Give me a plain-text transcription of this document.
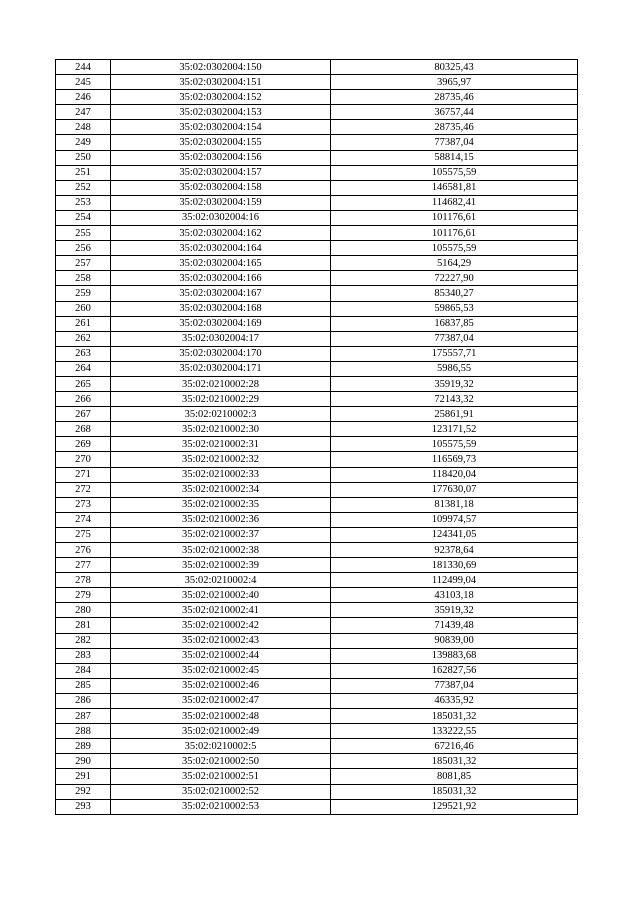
244	35:02:0302004:150	80325,43
245	35:02:0302004:151	3965,97
246	35:02:0302004:152	28735,46
247	35:02:0302004:153	36757,44
248	35:02:0302004:154	28735,46
249	35:02:0302004:155	77387,04
250	35:02:0302004:156	58814,15
251	35:02:0302004:157	105575,59
252	35:02:0302004:158	146581,81
253	35:02:0302004:159	114682,41
254	35:02:0302004:16	101176,61
255	35:02:0302004:162	101176,61
256	35:02:0302004:164	105575,59
257	35:02:0302004:165	5164,29
258	35:02:0302004:166	72227,90
259	35:02:0302004:167	85340,27
260	35:02:0302004:168	59865,53
261	35:02:0302004:169	16837,85
262	35:02:0302004:17	77387,04
263	35:02:0302004:170	175557,71
264	35:02:0302004:171	5986,55
265	35:02:0210002:28	35919,32
266	35:02:0210002:29	72143,32
267	35:02:0210002:3	25861,91
268	35:02:0210002:30	123171,52
269	35:02:0210002:31	105575,59
270	35:02:0210002:32	116569,73
271	35:02:0210002:33	118420,04
272	35:02:0210002:34	177630,07
273	35:02:0210002:35	81381,18
274	35:02:0210002:36	109974,57
275	35:02:0210002:37	124341,05
276	35:02:0210002:38	92378,64
277	35:02:0210002:39	181330,69
278	35:02:0210002:4	112499,04
279	35:02:0210002:40	43103,18
280	35:02:0210002:41	35919,32
281	35:02:0210002:42	71439,48
282	35:02:0210002:43	90839,00
283	35:02:0210002:44	139883,68
284	35:02:0210002:45	162827,56
285	35:02:0210002:46	77387,04
286	35:02:0210002:47	46335,92
287	35:02:0210002:48	185031,32
288	35:02:0210002:49	133222,55
289	35:02:0210002:5	67216,46
290	35:02:0210002:50	185031,32
291	35:02:0210002:51	8081,85
292	35:02:0210002:52	185031,32
293	35:02:0210002:53	129521,92
